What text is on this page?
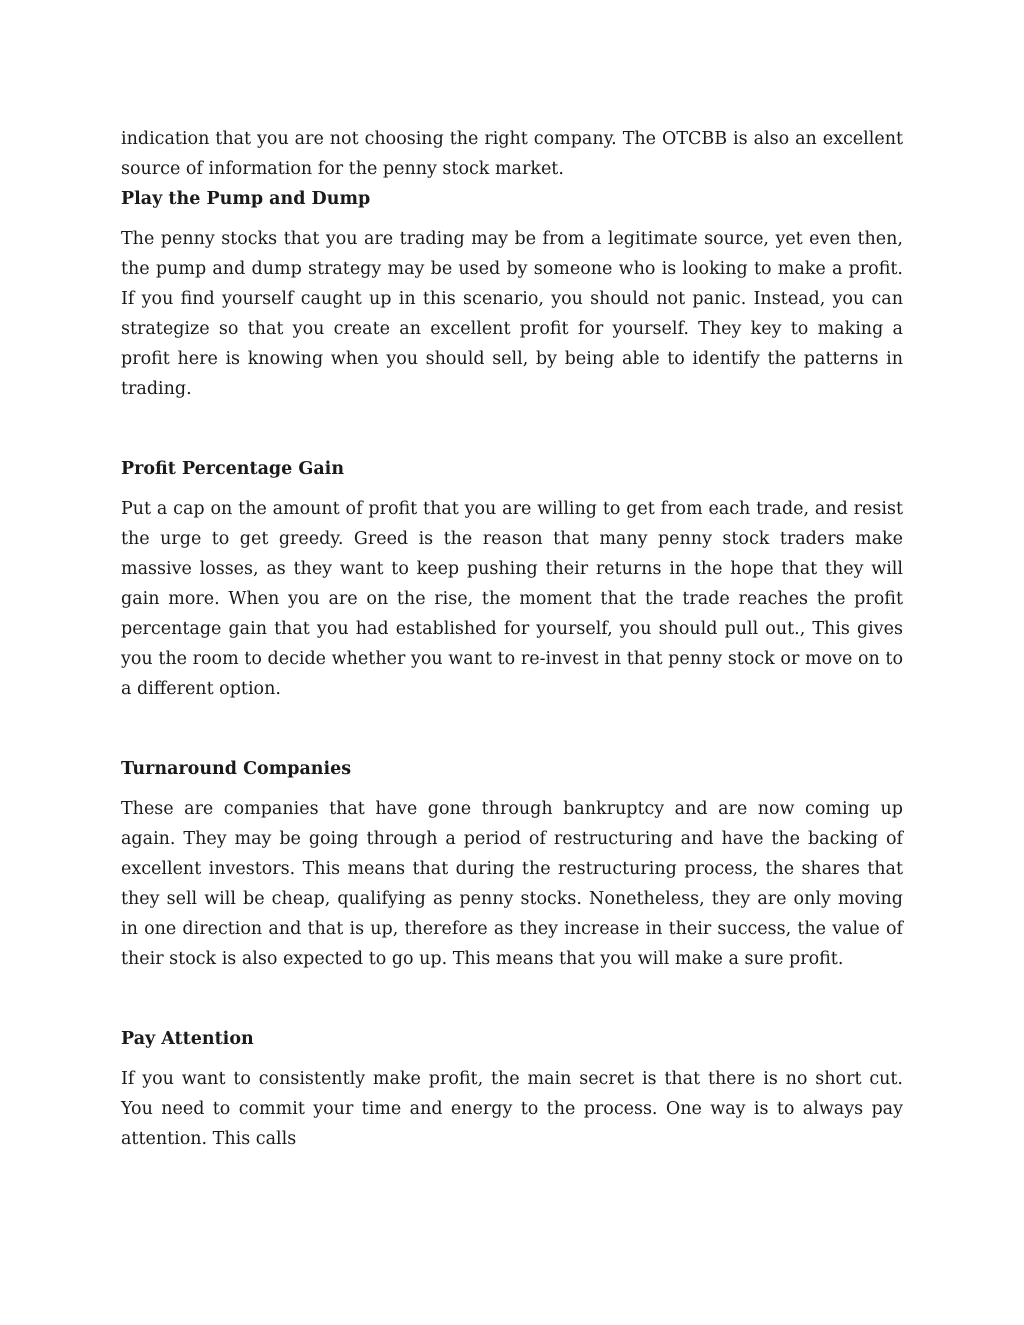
indication that you are not choosing the right company. The OTCBB is also an excellent source of information for the penny stock market.

Play the Pump and Dump

The penny stocks that you are trading may be from a legitimate source, yet even then, the pump and dump strategy may be used by someone who is looking to make a profit. If you find yourself caught up in this scenario, you should not panic. Instead, you can strategize so that you create an excellent profit for yourself. They key to making a profit here is knowing when you should sell, by being able to identify the patterns in trading.

Profit Percentage Gain

Put a cap on the amount of profit that you are willing to get from each trade, and resist the urge to get greedy. Greed is the reason that many penny stock traders make massive losses, as they want to keep pushing their returns in the hope that they will gain more. When you are on the rise, the moment that the trade reaches the profit percentage gain that you had established for yourself, you should pull out., This gives you the room to decide whether you want to re-invest in that penny stock or move on to a different option.

Turnaround Companies

These are companies that have gone through bankruptcy and are now coming up again. They may be going through a period of restructuring and have the backing of excellent investors. This means that during the restructuring process, the shares that they sell will be cheap, qualifying as penny stocks. Nonetheless, they are only moving in one direction and that is up, therefore as they increase in their success, the value of their stock is also expected to go up. This means that you will make a sure profit.

Pay Attention

If you want to consistently make profit, the main secret is that there is no short cut. You need to commit your time and energy to the process. One way is to always pay attention. This calls
